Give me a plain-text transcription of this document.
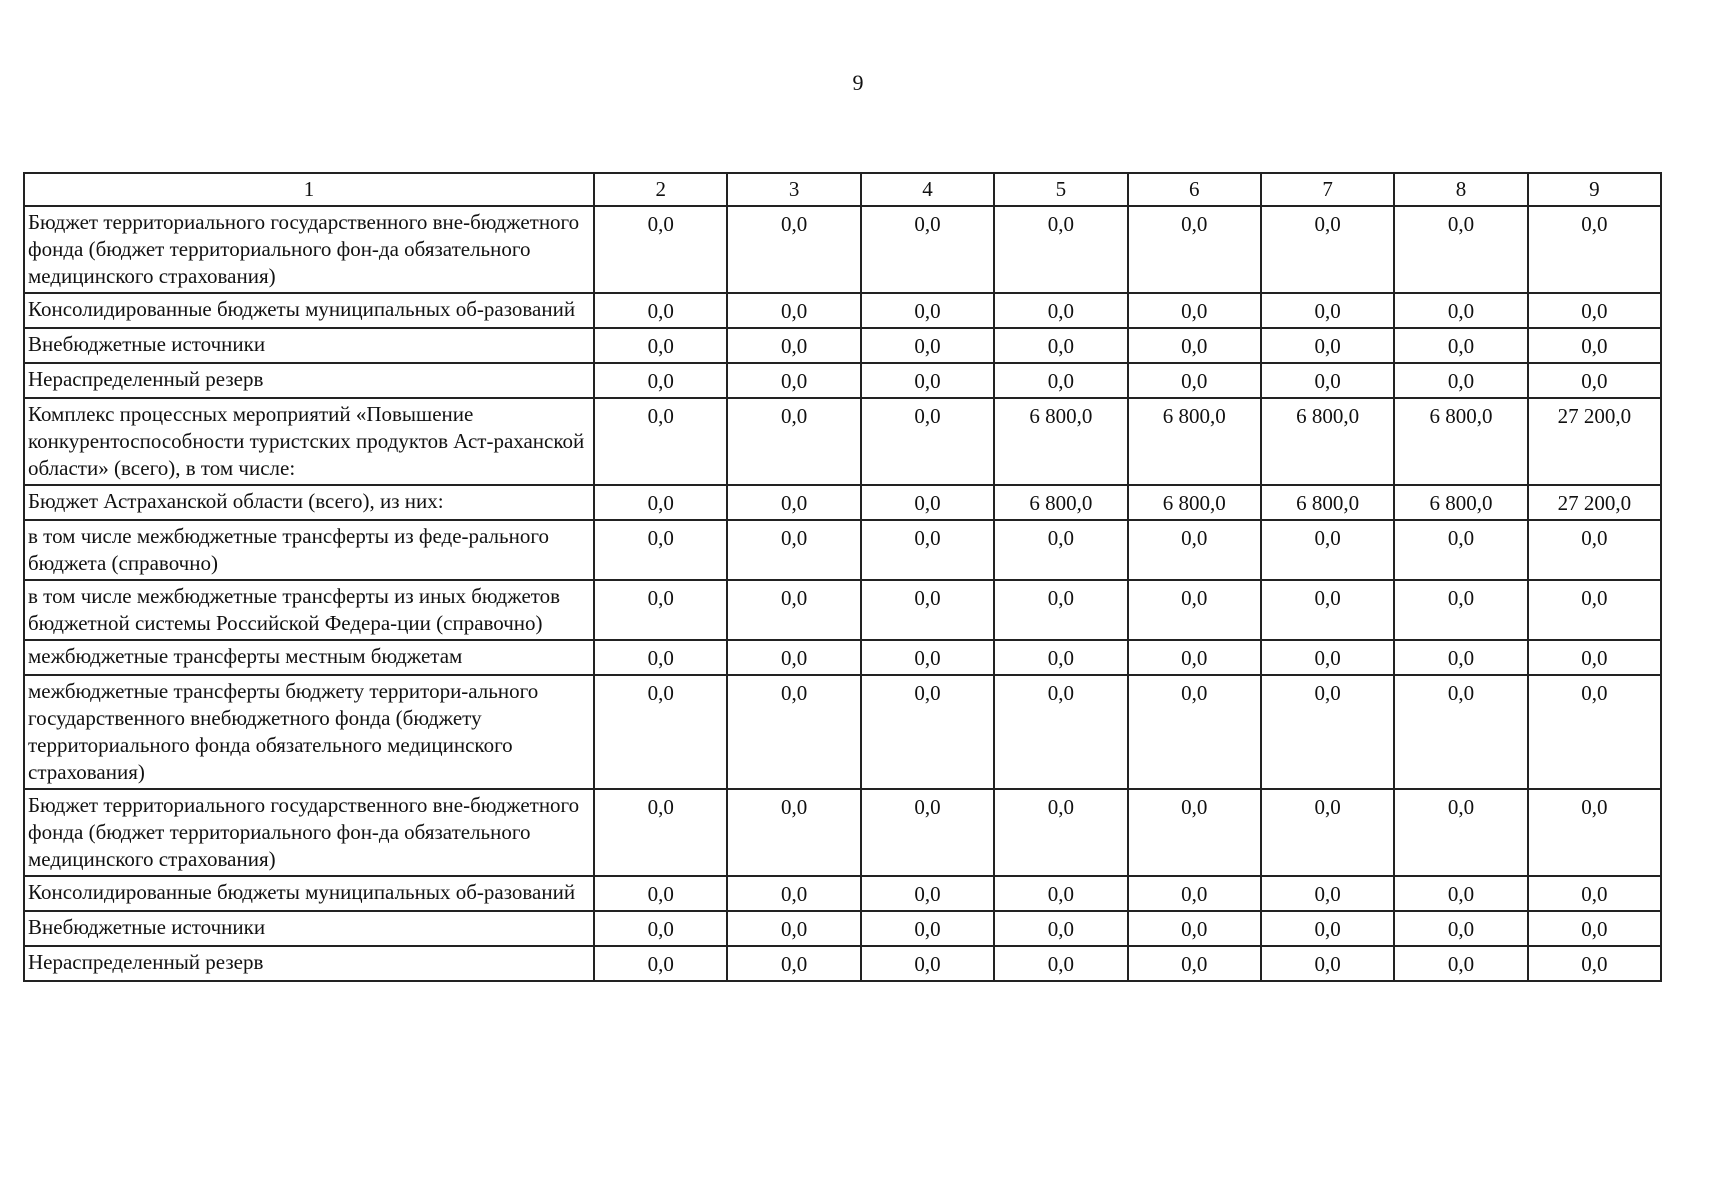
9
1	2	3	4	5	6	7	8	9
Бюджет территориального государственного вне-бюджетного фонда (бюджет территориального фон-да обязательного медицинского страхования)	0,0	0,0	0,0	0,0	0,0	0,0	0,0	0,0
Консолидированные бюджеты муниципальных об-разований	0,0	0,0	0,0	0,0	0,0	0,0	0,0	0,0
Внебюджетные источники	0,0	0,0	0,0	0,0	0,0	0,0	0,0	0,0
Нераспределенный резерв	0,0	0,0	0,0	0,0	0,0	0,0	0,0	0,0
Комплекс процессных мероприятий «Повышение конкурентоспособности туристских продуктов Аст-раханской области» (всего), в том числе:	0,0	0,0	0,0	6 800,0	6 800,0	6 800,0	6 800,0	27 200,0
Бюджет Астраханской области (всего), из них:	0,0	0,0	0,0	6 800,0	6 800,0	6 800,0	6 800,0	27 200,0
в том числе межбюджетные трансферты из феде-рального бюджета (справочно)	0,0	0,0	0,0	0,0	0,0	0,0	0,0	0,0
в том числе межбюджетные трансферты из иных бюджетов бюджетной системы Российской Федера-ции (справочно)	0,0	0,0	0,0	0,0	0,0	0,0	0,0	0,0
межбюджетные трансферты местным бюджетам	0,0	0,0	0,0	0,0	0,0	0,0	0,0	0,0
межбюджетные трансферты бюджету территори-ального государственного внебюджетного фонда (бюджету территориального фонда обязательного медицинского страхования)	0,0	0,0	0,0	0,0	0,0	0,0	0,0	0,0
Бюджет территориального государственного вне-бюджетного фонда (бюджет территориального фон-да обязательного медицинского страхования)	0,0	0,0	0,0	0,0	0,0	0,0	0,0	0,0
Консолидированные бюджеты муниципальных об-разований	0,0	0,0	0,0	0,0	0,0	0,0	0,0	0,0
Внебюджетные источники	0,0	0,0	0,0	0,0	0,0	0,0	0,0	0,0
Нераспределенный резерв	0,0	0,0	0,0	0,0	0,0	0,0	0,0	0,0
